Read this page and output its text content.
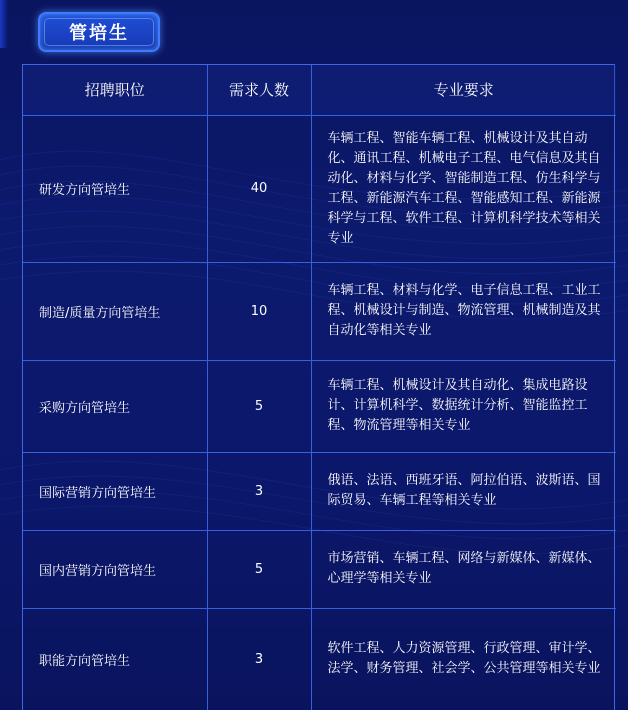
管培生
招聘职位	需求人数	专业要求
研发方向管培生	40	车辆工程、智能车辆工程、机械设计及其自动化、通讯工程、机械电子工程、电气信息及其自动化、材料与化学、智能制造工程、仿生科学与工程、新能源汽车工程、智能感知工程、新能源科学与工程、软件工程、计算机科学技术等相关专业
制造/质量方向管培生	10	车辆工程、材料与化学、电子信息工程、工业工程、机械设计与制造、物流管理、机械制造及其自动化等相关专业
采购方向管培生	5	车辆工程、机械设计及其自动化、集成电路设计、计算机科学、数据统计分析、智能监控工程、物流管理等相关专业
国际营销方向管培生	3	俄语、法语、西班牙语、阿拉伯语、波斯语、国际贸易、车辆工程等相关专业
国内营销方向管培生	5	市场营销、车辆工程、网络与新媒体、新媒体、心理学等相关专业
职能方向管培生	3	软件工程、人力资源管理、行政管理、审计学、法学、财务管理、社会学、公共管理等相关专业
